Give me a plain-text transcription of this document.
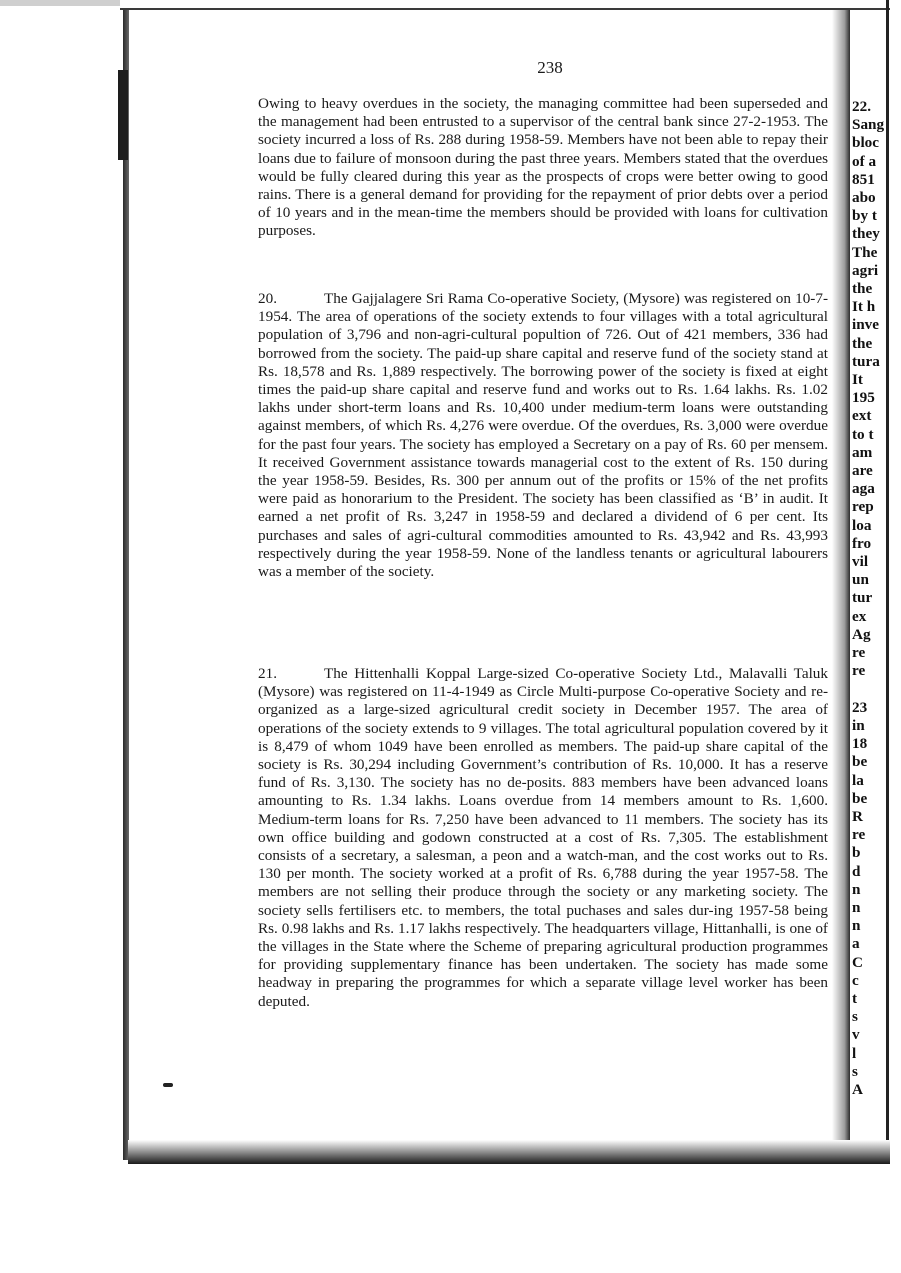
238

Owing to heavy overdues in the society, the managing committee had been superseded and the management had been entrusted to a supervisor of the central bank since 27-2-1953. The society incurred a loss of Rs. 288 during 1958-59. Members have not been able to repay their loans due to failure of monsoon during the past three years. Members stated that the overdues would be fully cleared during this year as the prospects of crops were better owing to good rains. There is a general demand for providing for the repayment of prior debts over a period of 10 years and in the mean-time the members should be provided with loans for cultivation purposes.

20.	The Gajjalagere Sri Rama Co-operative Society, (Mysore) was registered on 10-7-1954. The area of operations of the society extends to four villages with a total agricultural population of 3,796 and non-agri-cultural popultion of 726. Out of 421 members, 336 had borrowed from the society. The paid-up share capital and reserve fund of the society stand at Rs. 18,578 and Rs. 1,889 respectively. The borrowing power of the society is fixed at eight times the paid-up share capital and reserve fund and works out to Rs. 1.64 lakhs. Rs. 1.02 lakhs under short-term loans and Rs. 10,400 under medium-term loans were outstanding against members, of which Rs. 4,276 were overdue. Of the overdues, Rs. 3,000 were overdue for the past four years. The society has employed a Secretary on a pay of Rs. 60 per mensem. It received Government assistance towards managerial cost to the extent of Rs. 150 during the year 1958-59. Besides, Rs. 300 per annum out of the profits or 15% of the net profits were paid as honorarium to the President. The society has been classified as ‘B’ in audit. It earned a net profit of Rs. 3,247 in 1958-59 and declared a dividend of 6 per cent. Its purchases and sales of agri-cultural commodities amounted to Rs. 43,942 and Rs. 43,993 respectively during the year 1958-59. None of the landless tenants or agricultural labourers was a member of the society.

21.	The Hittenhalli Koppal Large-sized Co-operative Society Ltd., Malavalli Taluk (Mysore) was registered on 11-4-1949 as Circle Multi-purpose Co-operative Society and re-organized as a large-sized agricultural credit society in December 1957. The area of operations of the society extends to 9 villages. The total agricultural population covered by it is 8,479 of whom 1049 have been enrolled as members. The paid-up share capital of the society is Rs. 30,294 including Government’s contribution of Rs. 10,000. It has a reserve fund of Rs. 3,130. The society has no de-posits. 883 members have been advanced loans amounting to Rs. 1.34 lakhs. Loans overdue from 14 members amount to Rs. 1,600. Medium-term loans for Rs. 7,250 have been advanced to 11 members. The society has its own office building and godown constructed at a cost of Rs. 7,305. The establishment consists of a secretary, a salesman, a peon and a watch-man, and the cost works out to Rs. 130 per month. The society worked at a profit of Rs. 6,788 during the year 1957-58. The members are not selling their produce through the society or any marketing society. The society sells fertilisers etc. to members, the total puchases and sales dur-ing 1957-58 being Rs. 0.98 lakhs and Rs. 1.17 lakhs respectively. The headquarters village, Hittanhalli, is one of the villages in the State where the Scheme of preparing agricultural production programmes for providing supplementary finance has been undertaken. The society has made some headway in preparing the programmes for which a separate village level worker has been deputed.

22.
Sang
bloc
of a
851
abo
by t
they
The
agri
the
It h
inve
the
tura
It
195
ext
to t
am
are
aga
rep
loa
fro
vil
un
tur
ex
Ag
re
re
23
in
18
be
la
be
R
re
b
d
n
n
n
a
C
c
t
s
v
l
s
A
